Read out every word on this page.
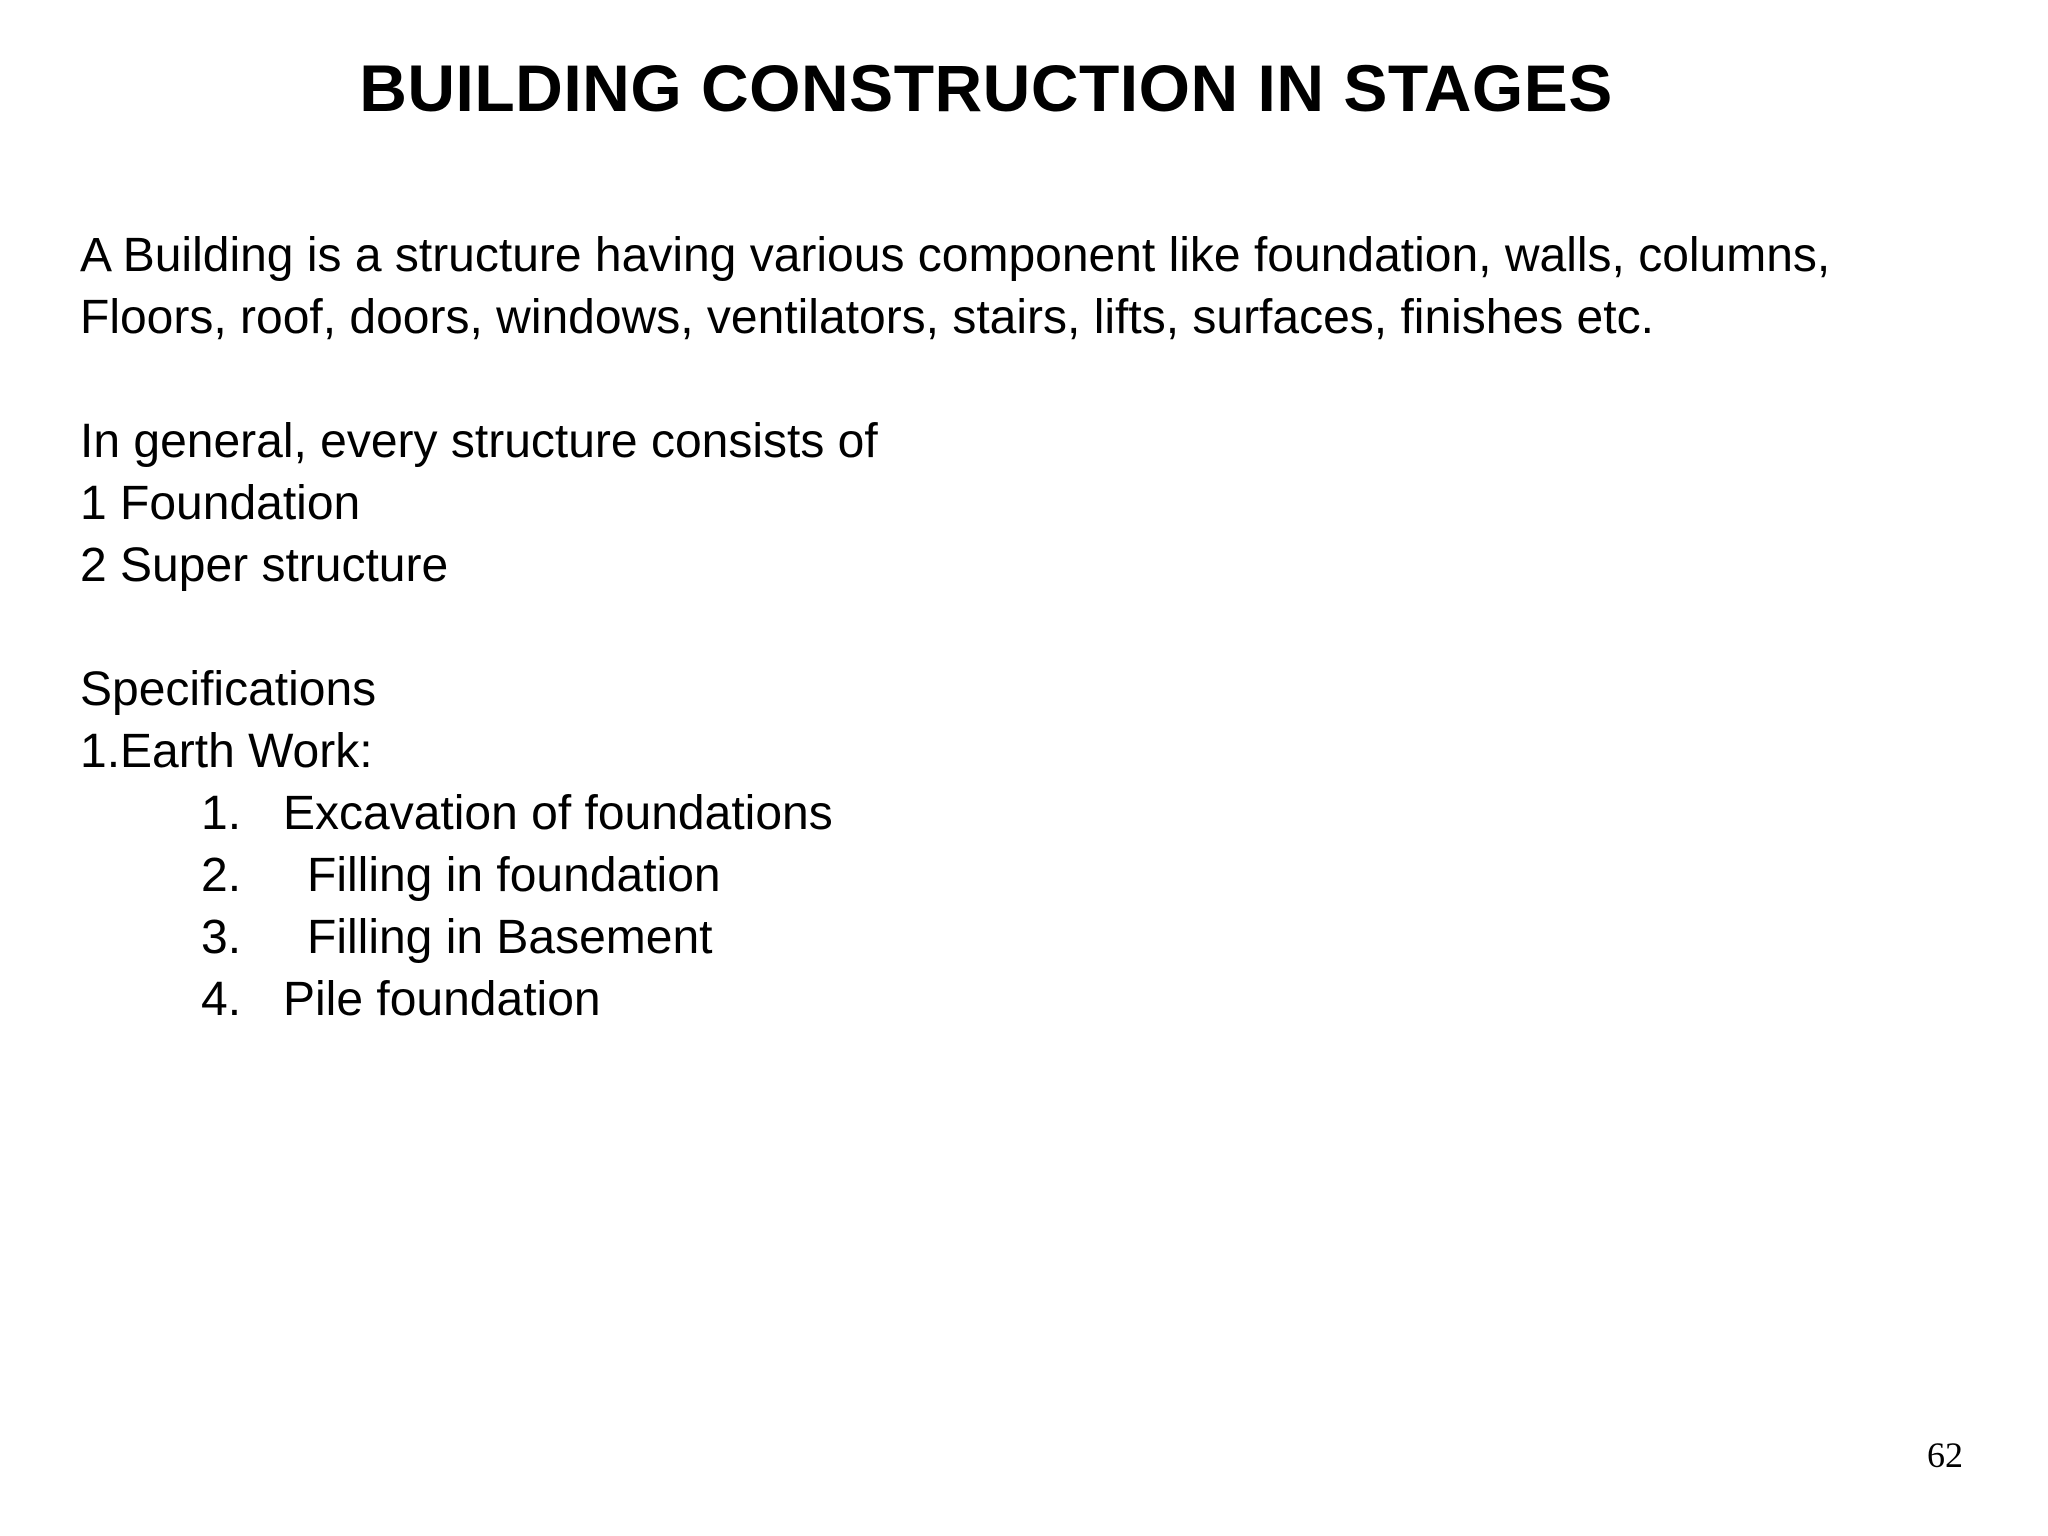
BUILDING CONSTRUCTION IN STAGES
A Building is a structure having various component like foundation, walls, columns,
Floors, roof, doors, windows, ventilators, stairs, lifts, surfaces, finishes etc.
In general, every structure consists of
1 Foundation
2 Super structure
Specifications
1.Earth Work:
1. Excavation of foundations
2. Filling in foundation
3. Filling in Basement
4. Pile foundation
62
